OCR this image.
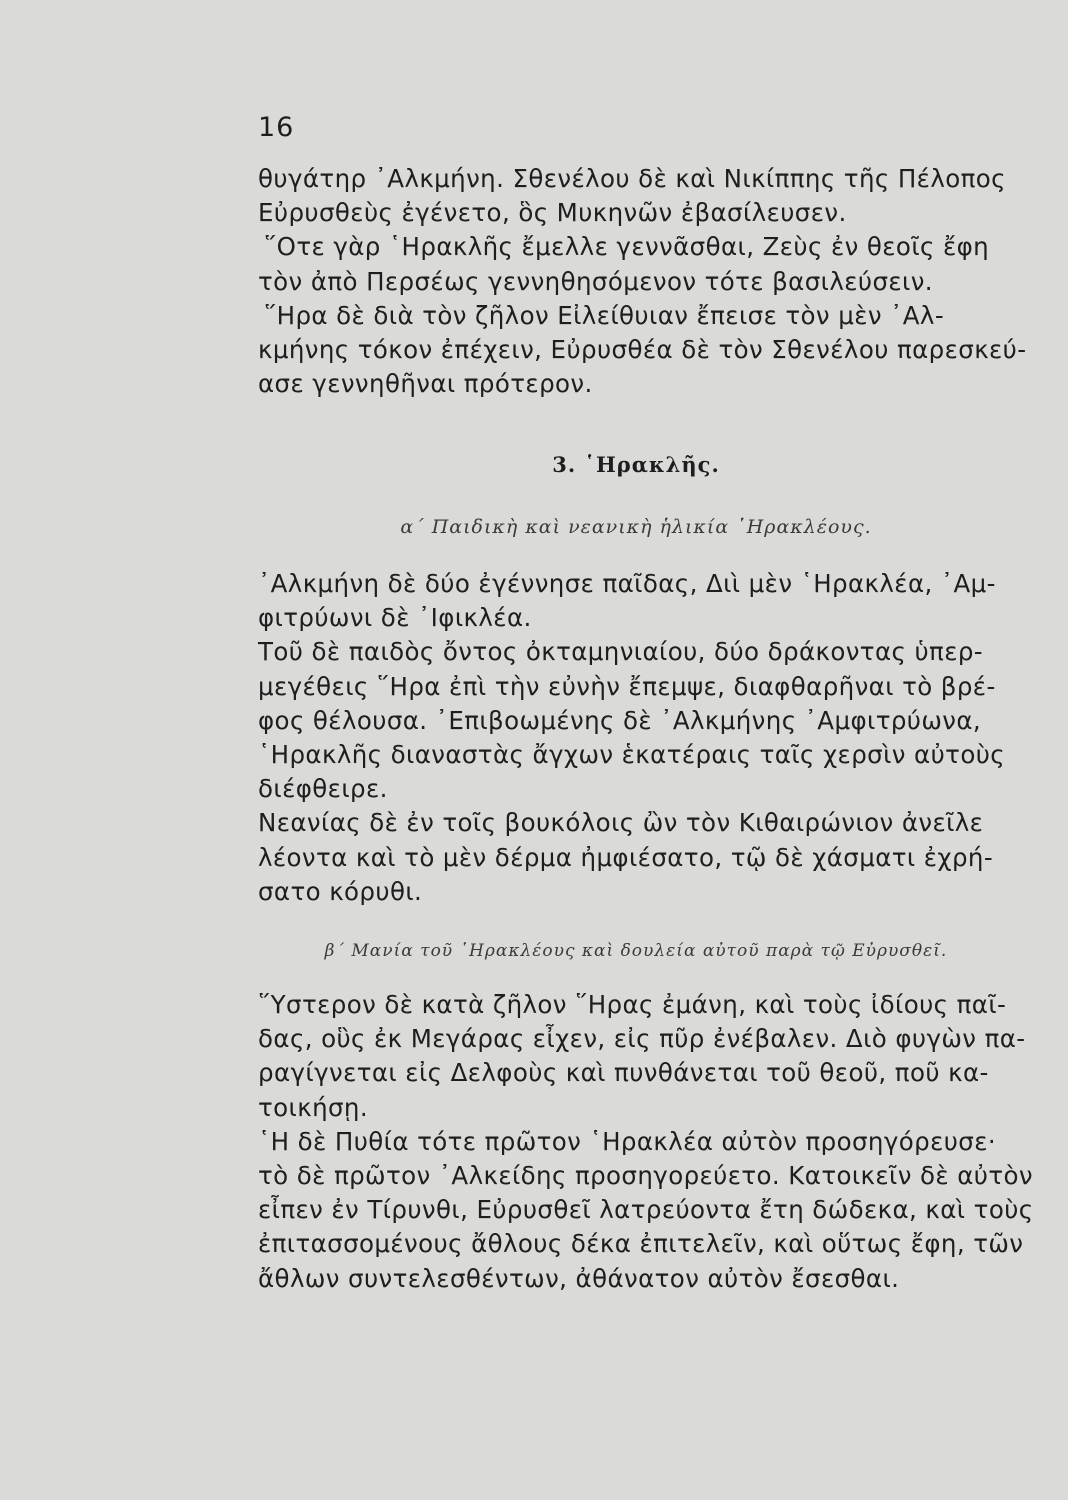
16
θυγάτηρ ᾿Αλκμήνη. Σθενέλου δὲ καὶ Νικίππης τῆς Πέλοπος
Εὐρυσθεὺς ἐγένετο, ὃς Μυκηνῶν ἐβασίλευσεν.
῞Οτε γὰρ ῾Ηρακλῆς ἔμελλε γεννᾶσθαι, Ζεὺς ἐν θεοῖς ἔφη
τὸν ἀπὸ Περσέως γεννηθησόμενον τότε βασιλεύσειν.
῞Ηρα δὲ διὰ τὸν ζῆλον Εἰλείθυιαν ἔπεισε τὸν μὲν ᾿Αλ-
κμήνης τόκον ἐπέχειν, Εὐρυσθέα δὲ τὸν Σθενέλου παρεσκεύ-
ασε γεννηθῆναι πρότερον.
3. ῾Ηρακλῆς.
α΄ Παιδικὴ καὶ νεανικὴ ἡλικία ῾Ηρακλέους.
᾿Αλκμήνη δὲ δύο ἐγέννησε παῖδας, Διὶ μὲν ῾Ηρακλέα, ᾿Αμ-
φιτρύωνι δὲ ᾿Ιφικλέα.
Τοῦ δὲ παιδὸς ὄντος ὀκταμηνιαίου, δύο δράκοντας ὑπερ-
μεγέθεις ῞Ηρα ἐπὶ τὴν εὐνὴν ἔπεμψε, διαφθαρῆναι τὸ βρέ-
φος θέλουσα. ᾿Επιβοωμένης δὲ ᾿Αλκμήνης ᾿Αμφιτρύωνα,
῾Ηρακλῆς διαναστὰς ἄγχων ἑκατέραις ταῖς χερσὶν αὐτοὺς
διέφθειρε.
Νεανίας δὲ ἐν τοῖς βουκόλοις ὢν τὸν Κιθαιρώνιον ἀνεῖλε
λέοντα καὶ τὸ μὲν δέρμα ἠμφιέσατο, τῷ δὲ χάσματι ἐχρή-
σατο κόρυθι.
β΄ Μανία τοῦ ῾Ηρακλέους καὶ δουλεία αὐτοῦ παρὰ τῷ Εὐρυσθεῖ.
῞Υστερον δὲ κατὰ ζῆλον ῞Ηρας ἐμάνη, καὶ τοὺς ἰδίους παῖ-
δας, οὓς ἐκ Μεγάρας εἶχεν, εἰς πῦρ ἐνέβαλεν. Διὸ φυγὼν πα-
ραγίγνεται εἰς Δελφοὺς καὶ πυνθάνεται τοῦ θεοῦ, ποῦ κα-
τοικήσῃ.
῾Η δὲ Πυθία τότε πρῶτον ῾Ηρακλέα αὐτὸν προσηγόρευσε·
τὸ δὲ πρῶτον ᾿Αλκείδης προσηγορεύετο. Κατοικεῖν δὲ αὐτὸν
εἶπεν ἐν Τίρυνθι, Εὐρυσθεῖ λατρεύοντα ἔτη δώδεκα, καὶ τοὺς
ἐπιτασσομένους ἄθλους δέκα ἐπιτελεῖν, καὶ οὕτως ἔφη, τῶν
ἄθλων συντελεσθέντων, ἀθάνατον αὐτὸν ἔσεσθαι.
